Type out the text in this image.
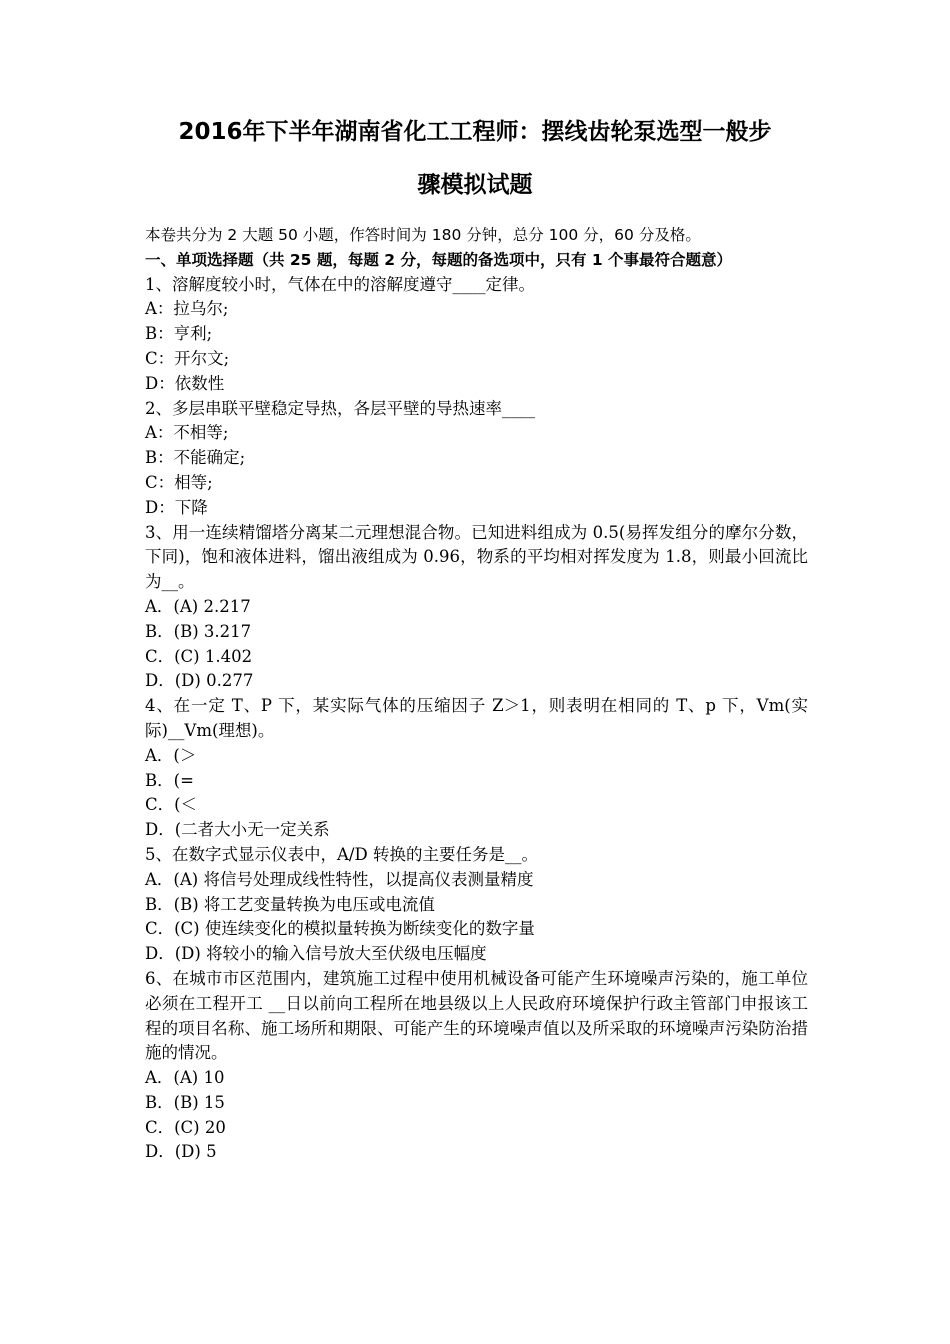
2016年下半年湖南省化工工程师：摆线齿轮泵选型一般步
骤模拟试题

本卷共分为 2 大题 50 小题，作答时间为 180 分钟，总分 100 分，60 分及格。

一、单项选择题（共 25 题，每题 2 分，每题的备选项中，只有 1 个事最符合题意）

1、溶解度较小时，气体在中的溶解度遵守____定律。

A：拉乌尔;

B：亨利;

C：开尔文;

D：依数性

2、多层串联平壁稳定导热，各层平壁的导热速率____

A：不相等;

B：不能确定;

C：相等;

D：下降

3、用一连续精馏塔分离某二元理想混合物。已知进料组成为 0.5(易挥发组分的摩尔分数，下同)，饱和液体进料，馏出液组成为 0.96，物系的平均相对挥发度为 1.8，则最小回流比为__。

A．(A) 2.217

B．(B) 3.217

C．(C) 1.402

D．(D) 0.277

4、在一定 T、P 下，某实际气体的压缩因子 Z＞1，则表明在相同的 T、p 下，Vm(实际)__Vm(理想)。

A．(＞

B．(=

C．(＜

D．(二者大小无一定关系

5、在数字式显示仪表中，A/D 转换的主要任务是__。

A．(A) 将信号处理成线性特性，以提高仪表测量精度

B．(B) 将工艺变量转换为电压或电流值

C．(C) 使连续变化的模拟量转换为断续变化的数字量

D．(D) 将较小的输入信号放大至伏级电压幅度

6、在城市市区范围内，建筑施工过程中使用机械设备可能产生环境噪声污染的，施工单位必须在工程开工 __日以前向工程所在地县级以上人民政府环境保护行政主管部门申报该工程的项目名称、施工场所和期限、可能产生的环境噪声值以及所采取的环境噪声污染防治措施的情况。

A．(A) 10

B．(B) 15

C．(C) 20

D．(D) 5
